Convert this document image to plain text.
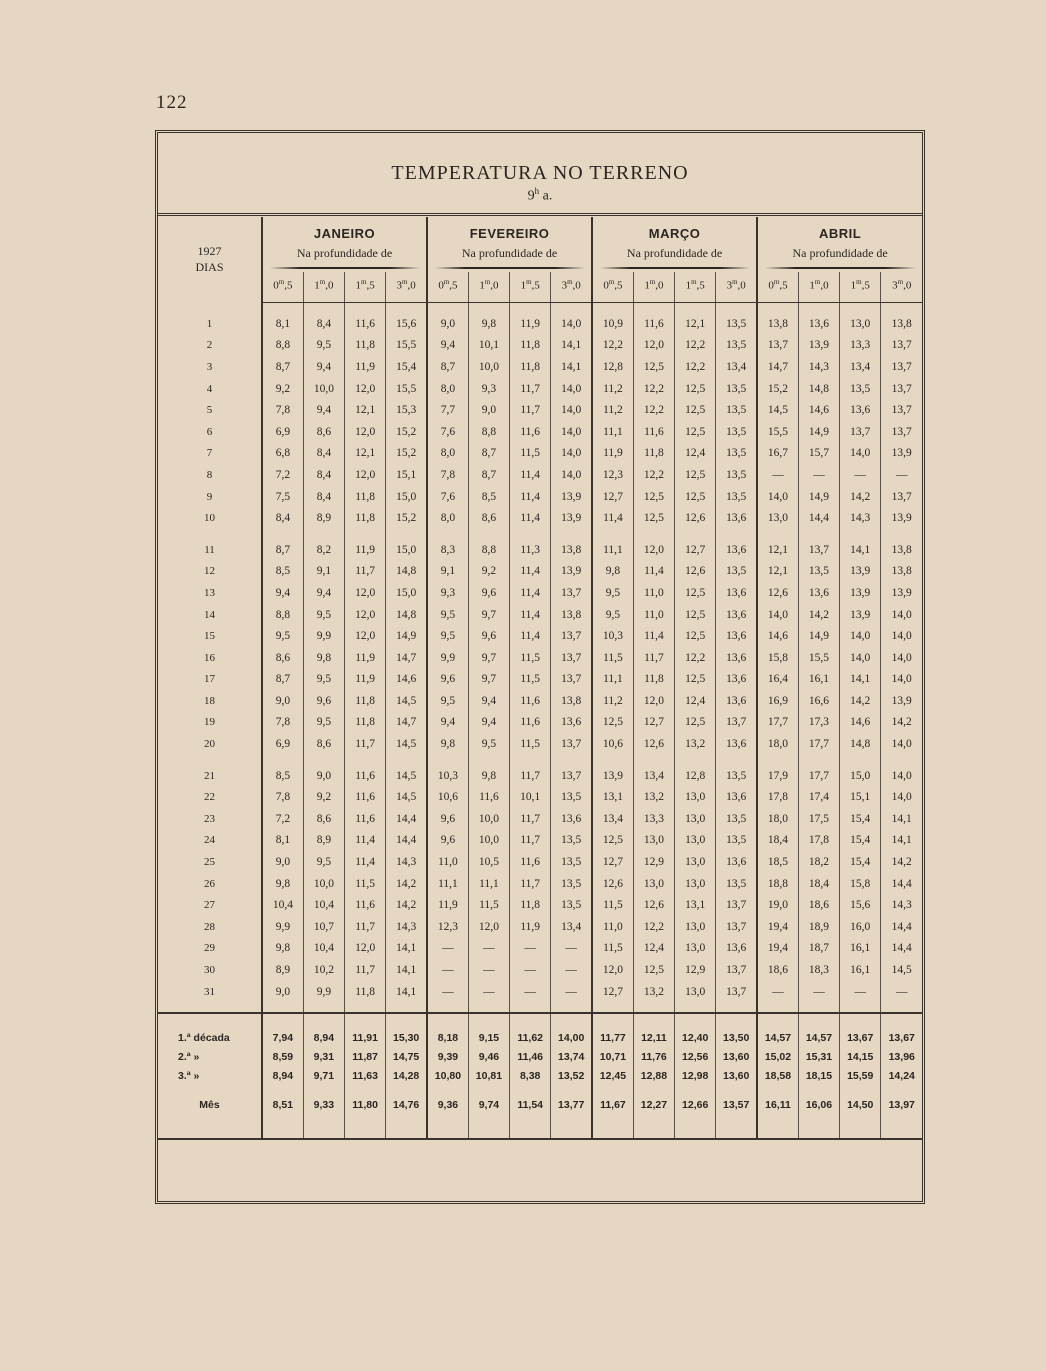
122
TEMPERATURA NO TERRENO
9$^h$ a.
1927
DIAS	JANEIRO				FEVEREIRO				MARÇO				ABRIL			
	Na profundidade de				Na profundidade de				Na profundidade de				Na profundidade de			

	0$^m$,5	1$^m$,0	1$^m$,5	3$^m$,0	0$^m$,5	1$^m$,0	1$^m$,5	3$^m$,0	0$^m$,5	1$^m$,0	1$^m$,5	3$^m$,0	0$^m$,5	1$^m$,0	1$^m$,5	3$^m$,0

1	8,1	8,4	11,6	15,6	9,0	9,8	11,9	14,0	10,9	11,6	12,1	13,5	13,8	13,6	13,0	13,8
2	8,8	9,5	11,8	15,5	9,4	10,1	11,8	14,1	12,2	12,0	12,2	13,5	13,7	13,9	13,3	13,7
3	8,7	9,4	11,9	15,4	8,7	10,0	11,8	14,1	12,8	12,5	12,2	13,4	14,7	14,3	13,4	13,7
4	9,2	10,0	12,0	15,5	8,0	9,3	11,7	14,0	11,2	12,2	12,5	13,5	15,2	14,8	13,5	13,7
5	7,8	9,4	12,1	15,3	7,7	9,0	11,7	14,0	11,2	12,2	12,5	13,5	14,5	14,6	13,6	13,7
6	6,9	8,6	12,0	15,2	7,6	8,8	11,6	14,0	11,1	11,6	12,5	13,5	15,5	14,9	13,7	13,7
7	6,8	8,4	12,1	15,2	8,0	8,7	11,5	14,0	11,9	11,8	12,4	13,5	16,7	15,7	14,0	13,9
8	7,2	8,4	12,0	15,1	7,8	8,7	11,4	14,0	12,3	12,2	12,5	13,5	—	—	—	—
9	7,5	8,4	11,8	15,0	7,6	8,5	11,4	13,9	12,7	12,5	12,5	13,5	14,0	14,9	14,2	13,7
10	8,4	8,9	11,8	15,2	8,0	8,6	11,4	13,9	11,4	12,5	12,6	13,6	13,0	14,4	14,3	13,9

11	8,7	8,2	11,9	15,0	8,3	8,8	11,3	13,8	11,1	12,0	12,7	13,6	12,1	13,7	14,1	13,8
12	8,5	9,1	11,7	14,8	9,1	9,2	11,4	13,9	9,8	11,4	12,6	13,5	12,1	13,5	13,9	13,8
13	9,4	9,4	12,0	15,0	9,3	9,6	11,4	13,7	9,5	11,0	12,5	13,6	12,6	13,6	13,9	13,9
14	8,8	9,5	12,0	14,8	9,5	9,7	11,4	13,8	9,5	11,0	12,5	13,6	14,0	14,2	13,9	14,0
15	9,5	9,9	12,0	14,9	9,5	9,6	11,4	13,7	10,3	11,4	12,5	13,6	14,6	14,9	14,0	14,0
16	8,6	9,8	11,9	14,7	9,9	9,7	11,5	13,7	11,5	11,7	12,2	13,6	15,8	15,5	14,0	14,0
17	8,7	9,5	11,9	14,6	9,6	9,7	11,5	13,7	11,1	11,8	12,5	13,6	16,4	16,1	14,1	14,0
18	9,0	9,6	11,8	14,5	9,5	9,4	11,6	13,8	11,2	12,0	12,4	13,6	16,9	16,6	14,2	13,9
19	7,8	9,5	11,8	14,7	9,4	9,4	11,6	13,6	12,5	12,7	12,5	13,7	17,7	17,3	14,6	14,2
20	6,9	8,6	11,7	14,5	9,8	9,5	11,5	13,7	10,6	12,6	13,2	13,6	18,0	17,7	14,8	14,0

21	8,5	9,0	11,6	14,5	10,3	9,8	11,7	13,7	13,9	13,4	12,8	13,5	17,9	17,7	15,0	14,0
22	7,8	9,2	11,6	14,5	10,6	11,6	10,1	13,5	13,1	13,2	13,0	13,6	17,8	17,4	15,1	14,0
23	7,2	8,6	11,6	14,4	9,6	10,0	11,7	13,6	13,4	13,3	13,0	13,5	18,0	17,5	15,4	14,1
24	8,1	8,9	11,4	14,4	9,6	10,0	11,7	13,5	12,5	13,0	13,0	13,5	18,4	17,8	15,4	14,1
25	9,0	9,5	11,4	14,3	11,0	10,5	11,6	13,5	12,7	12,9	13,0	13,6	18,5	18,2	15,4	14,2
26	9,8	10,0	11,5	14,2	11,1	11,1	11,7	13,5	12,6	13,0	13,0	13,5	18,8	18,4	15,8	14,4
27	10,4	10,4	11,6	14,2	11,9	11,5	11,8	13,5	11,5	12,6	13,1	13,7	19,0	18,6	15,6	14,3
28	9,9	10,7	11,7	14,3	12,3	12,0	11,9	13,4	11,0	12,2	13,0	13,7	19,4	18,9	16,0	14,4
29	9,8	10,4	12,0	14,1	—	—	—	—	11,5	12,4	13,0	13,6	19,4	18,7	16,1	14,4
30	8,9	10,2	11,7	14,1	—	—	—	—	12,0	12,5	12,9	13,7	18,6	18,3	16,1	14,5
31	9,0	9,9	11,8	14,1	—	—	—	—	12,7	13,2	13,0	13,7	—	—	—	—

1.ª década	7,94	8,94	11,91	15,30	8,18	9,15	11,62	14,00	11,77	12,11	12,40	13,50	14,57	14,57	13,67	13,67
2.ª »	8,59	9,31	11,87	14,75	9,39	9,46	11,46	13,74	10,71	11,76	12,56	13,60	15,02	15,31	14,15	13,96
3.ª »	8,94	9,71	11,63	14,28	10,80	10,81	8,38	13,52	12,45	12,88	12,98	13,60	18,58	18,15	15,59	14,24

Mês	8,51	9,33	11,80	14,76	9,36	9,74	11,54	13,77	11,67	12,27	12,66	13,57	16,11	16,06	14,50	13,97
